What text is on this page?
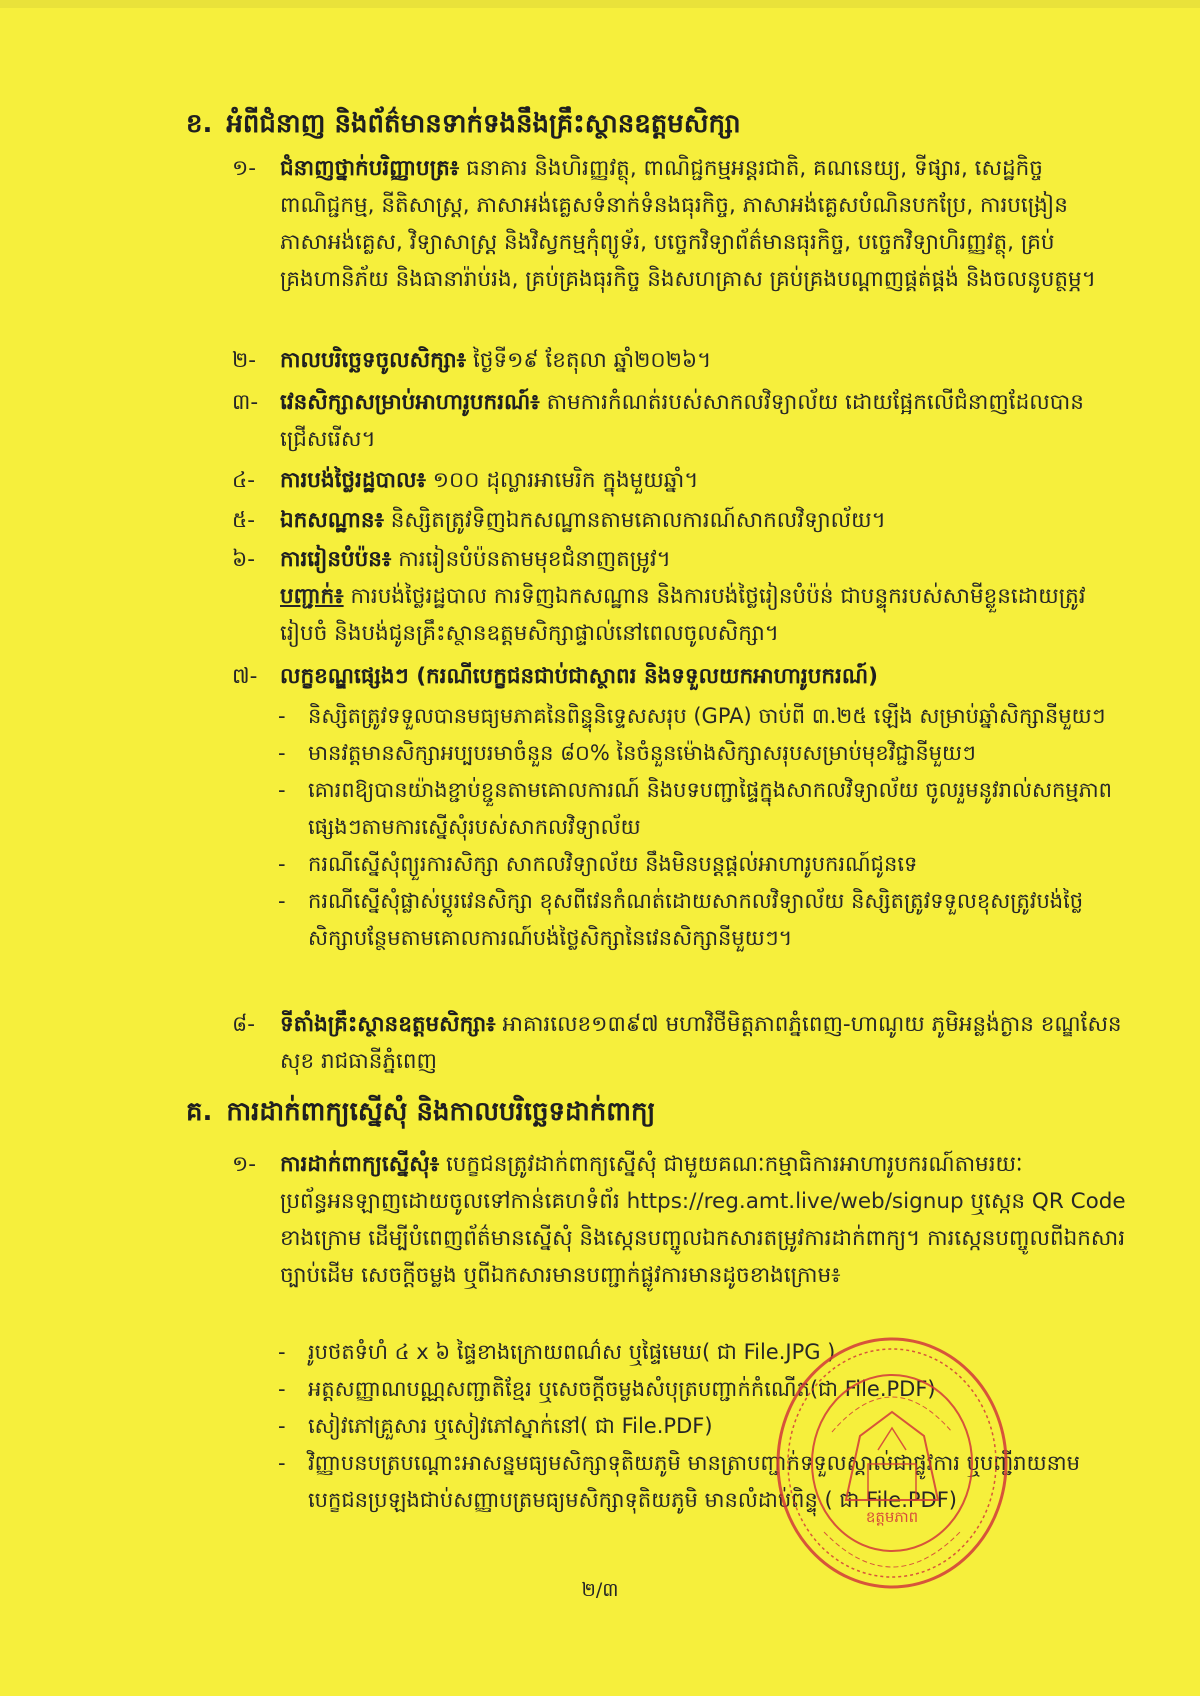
ខ. អំពីជំនាញ និងព័ត៌មានទាក់ទងនឹងគ្រឹះស្ថានឧត្តមសិក្សា
១-	ជំនាញថ្នាក់បរិញ្ញាបត្រ៖ ធនាគារ និងហិរញ្ញវត្ថុ, ពាណិជ្ជកម្មអន្តរជាតិ, គណនេយ្យ, ទីផ្សារ, សេដ្ឋកិច្ចពាណិជ្ជកម្ម, នីតិសាស្ត្រ, ភាសាអង់គ្លេសទំនាក់ទំនងធុរកិច្ច, ភាសាអង់គ្លេសបំណិនបកប្រែ, ការបង្រៀនភាសាអង់គ្លេស, វិទ្យាសាស្ត្រ និងវិស្វកម្មកុំព្យូទ័រ, បច្ចេកវិទ្យាព័ត៌មានធុរកិច្ច, បច្ចេកវិទ្យាហិរញ្ញវត្ថុ, គ្រប់គ្រងហានិភ័យ និងធានារ៉ាប់រង, គ្រប់គ្រងធុរកិច្ច និងសហគ្រាស គ្រប់គ្រងបណ្តាញផ្គត់ផ្គង់ និងចលនូបត្ថម្ភ។
២-	កាលបរិច្ឆេទចូលសិក្សា៖ ថ្ងៃទី១៩ ខែតុលា ឆ្នាំ២០២៦។
៣-	វេនសិក្សាសម្រាប់អាហារូបករណ៍៖ តាមការកំណត់របស់សាកលវិទ្យាល័យ ដោយផ្អែកលើជំនាញដែលបានជ្រើសរើស។
៤-	ការបង់ថ្លៃរដ្ឋបាល៖ ១០០ ដុល្លារអាមេរិក ក្នុងមួយឆ្នាំ។
៥-	ឯកសណ្ឋាន៖ និស្សិតត្រូវទិញឯកសណ្ឋានតាមគោលការណ៍សាកលវិទ្យាល័យ។
៦-	ការរៀនបំប៉ន៖ ការរៀនបំប៉នតាមមុខជំនាញតម្រូវ។
បញ្ជាក់៖ ការបង់ថ្លៃរដ្ឋបាល ការទិញឯកសណ្ឋាន និងការបង់ថ្លៃរៀនបំប៉ន់ ជាបន្ទុករបស់សាមីខ្លួនដោយត្រូវរៀបចំ និងបង់ជូនគ្រឹះស្ថានឧត្តមសិក្សាផ្ទាល់នៅពេលចូលសិក្សា។
៧-	លក្ខខណ្ឌផ្សេងៗ (ករណីបេក្ខជនជាប់ជាស្ថាពរ និងទទួលយកអាហារូបករណ៍)
- និស្សិតត្រូវទទួលបានមធ្យមភាគនៃពិន្ទុនិទ្ទេសសរុប (GPA) ចាប់ពី ៣.២៥ ឡើង សម្រាប់ឆ្នាំសិក្សានីមួយៗ
- មានវត្តមានសិក្សាអប្បបរមាចំនួន ៨០% នៃចំនួនម៉ោងសិក្សាសរុបសម្រាប់មុខវិជ្ជានីមួយៗ
- គោរពឱ្យបានយ៉ាងខ្ជាប់ខ្ជួនតាមគោលការណ៍ និងបទបញ្ជាផ្ទៃក្នុងសាកលវិទ្យាល័យ ចូលរួមនូវរាល់សកម្មភាពផ្សេងៗតាមការស្នើសុំរបស់សាកលវិទ្យាល័យ
- ករណីស្នើសុំព្យួរការសិក្សា សាកលវិទ្យាល័យ នឹងមិនបន្តផ្តល់អាហារូបករណ៍ជូនទេ
- ករណីស្នើសុំផ្លាស់ប្តូរវេនសិក្សា ខុសពីវេនកំណត់ដោយសាកលវិទ្យាល័យ និស្សិតត្រូវទទួលខុសត្រូវបង់ថ្លៃសិក្សាបន្ថែមតាមគោលការណ៍បង់ថ្លៃសិក្សានៃវេនសិក្សានីមួយៗ។
៨-	ទីតាំងគ្រឹះស្ថានឧត្តមសិក្សា៖ អាគារលេខ១៣៩៧ មហាវិថីមិត្តភាពភ្នំពេញ-ហាណូយ ភូមិអន្លង់ក្ងាន ខណ្ឌសែនសុខ រាជធានីភ្នំពេញ
គ. ការដាក់ពាក្យស្នើសុំ និងកាលបរិច្ឆេទដាក់ពាក្យ
១-	ការដាក់ពាក្យស្នើសុំ៖ បេក្ខជនត្រូវដាក់ពាក្យស្នើសុំ ជាមួយគណៈកម្មាធិការអាហារូបករណ៍តាមរយៈប្រព័ន្ធអនឡាញដោយចូលទៅកាន់គេហទំព័រ https://reg.amt.live/web/signup ឬស្កេន QR Code ខាងក្រោម ដើម្បីបំពេញព័ត៌មានស្នើសុំ និងស្កេនបញ្ចូលឯកសារតម្រូវការដាក់ពាក្យ។ ការស្កេនបញ្ចូលពីឯកសារច្បាប់ដើម សេចក្តីចម្លង ឬពីឯកសារមានបញ្ជាក់ផ្លូវការមានដូចខាងក្រោម៖
- រូបថតទំហំ ៤ x ៦ ផ្ទៃខាងក្រោយពណ៌ស ឬផ្ទៃមេឃ( ជា File.JPG )
- អត្តសញ្ញាណបណ្ណសញ្ជាតិខ្មែរ ឬសេចក្តីចម្លងសំបុត្របញ្ជាក់កំណើត(ជា File.PDF)
- សៀវភៅគ្រួសារ ឬសៀវភៅស្នាក់នៅ( ជា File.PDF)
- វិញ្ញាបនបត្របណ្តោះអាសន្នមធ្យមសិក្សាទុតិយភូមិ មានត្រាបញ្ជាក់ទទួលស្គាល់ជាផ្លូវការ ឬបញ្ជីរាយនាមបេក្ខជនប្រឡងជាប់សញ្ញាបត្រមធ្យមសិក្សាទុតិយភូមិ មានលំដាប់ពិន្ទុ ( ជា File.PDF)
ឧត្តមភាព
២/៣
